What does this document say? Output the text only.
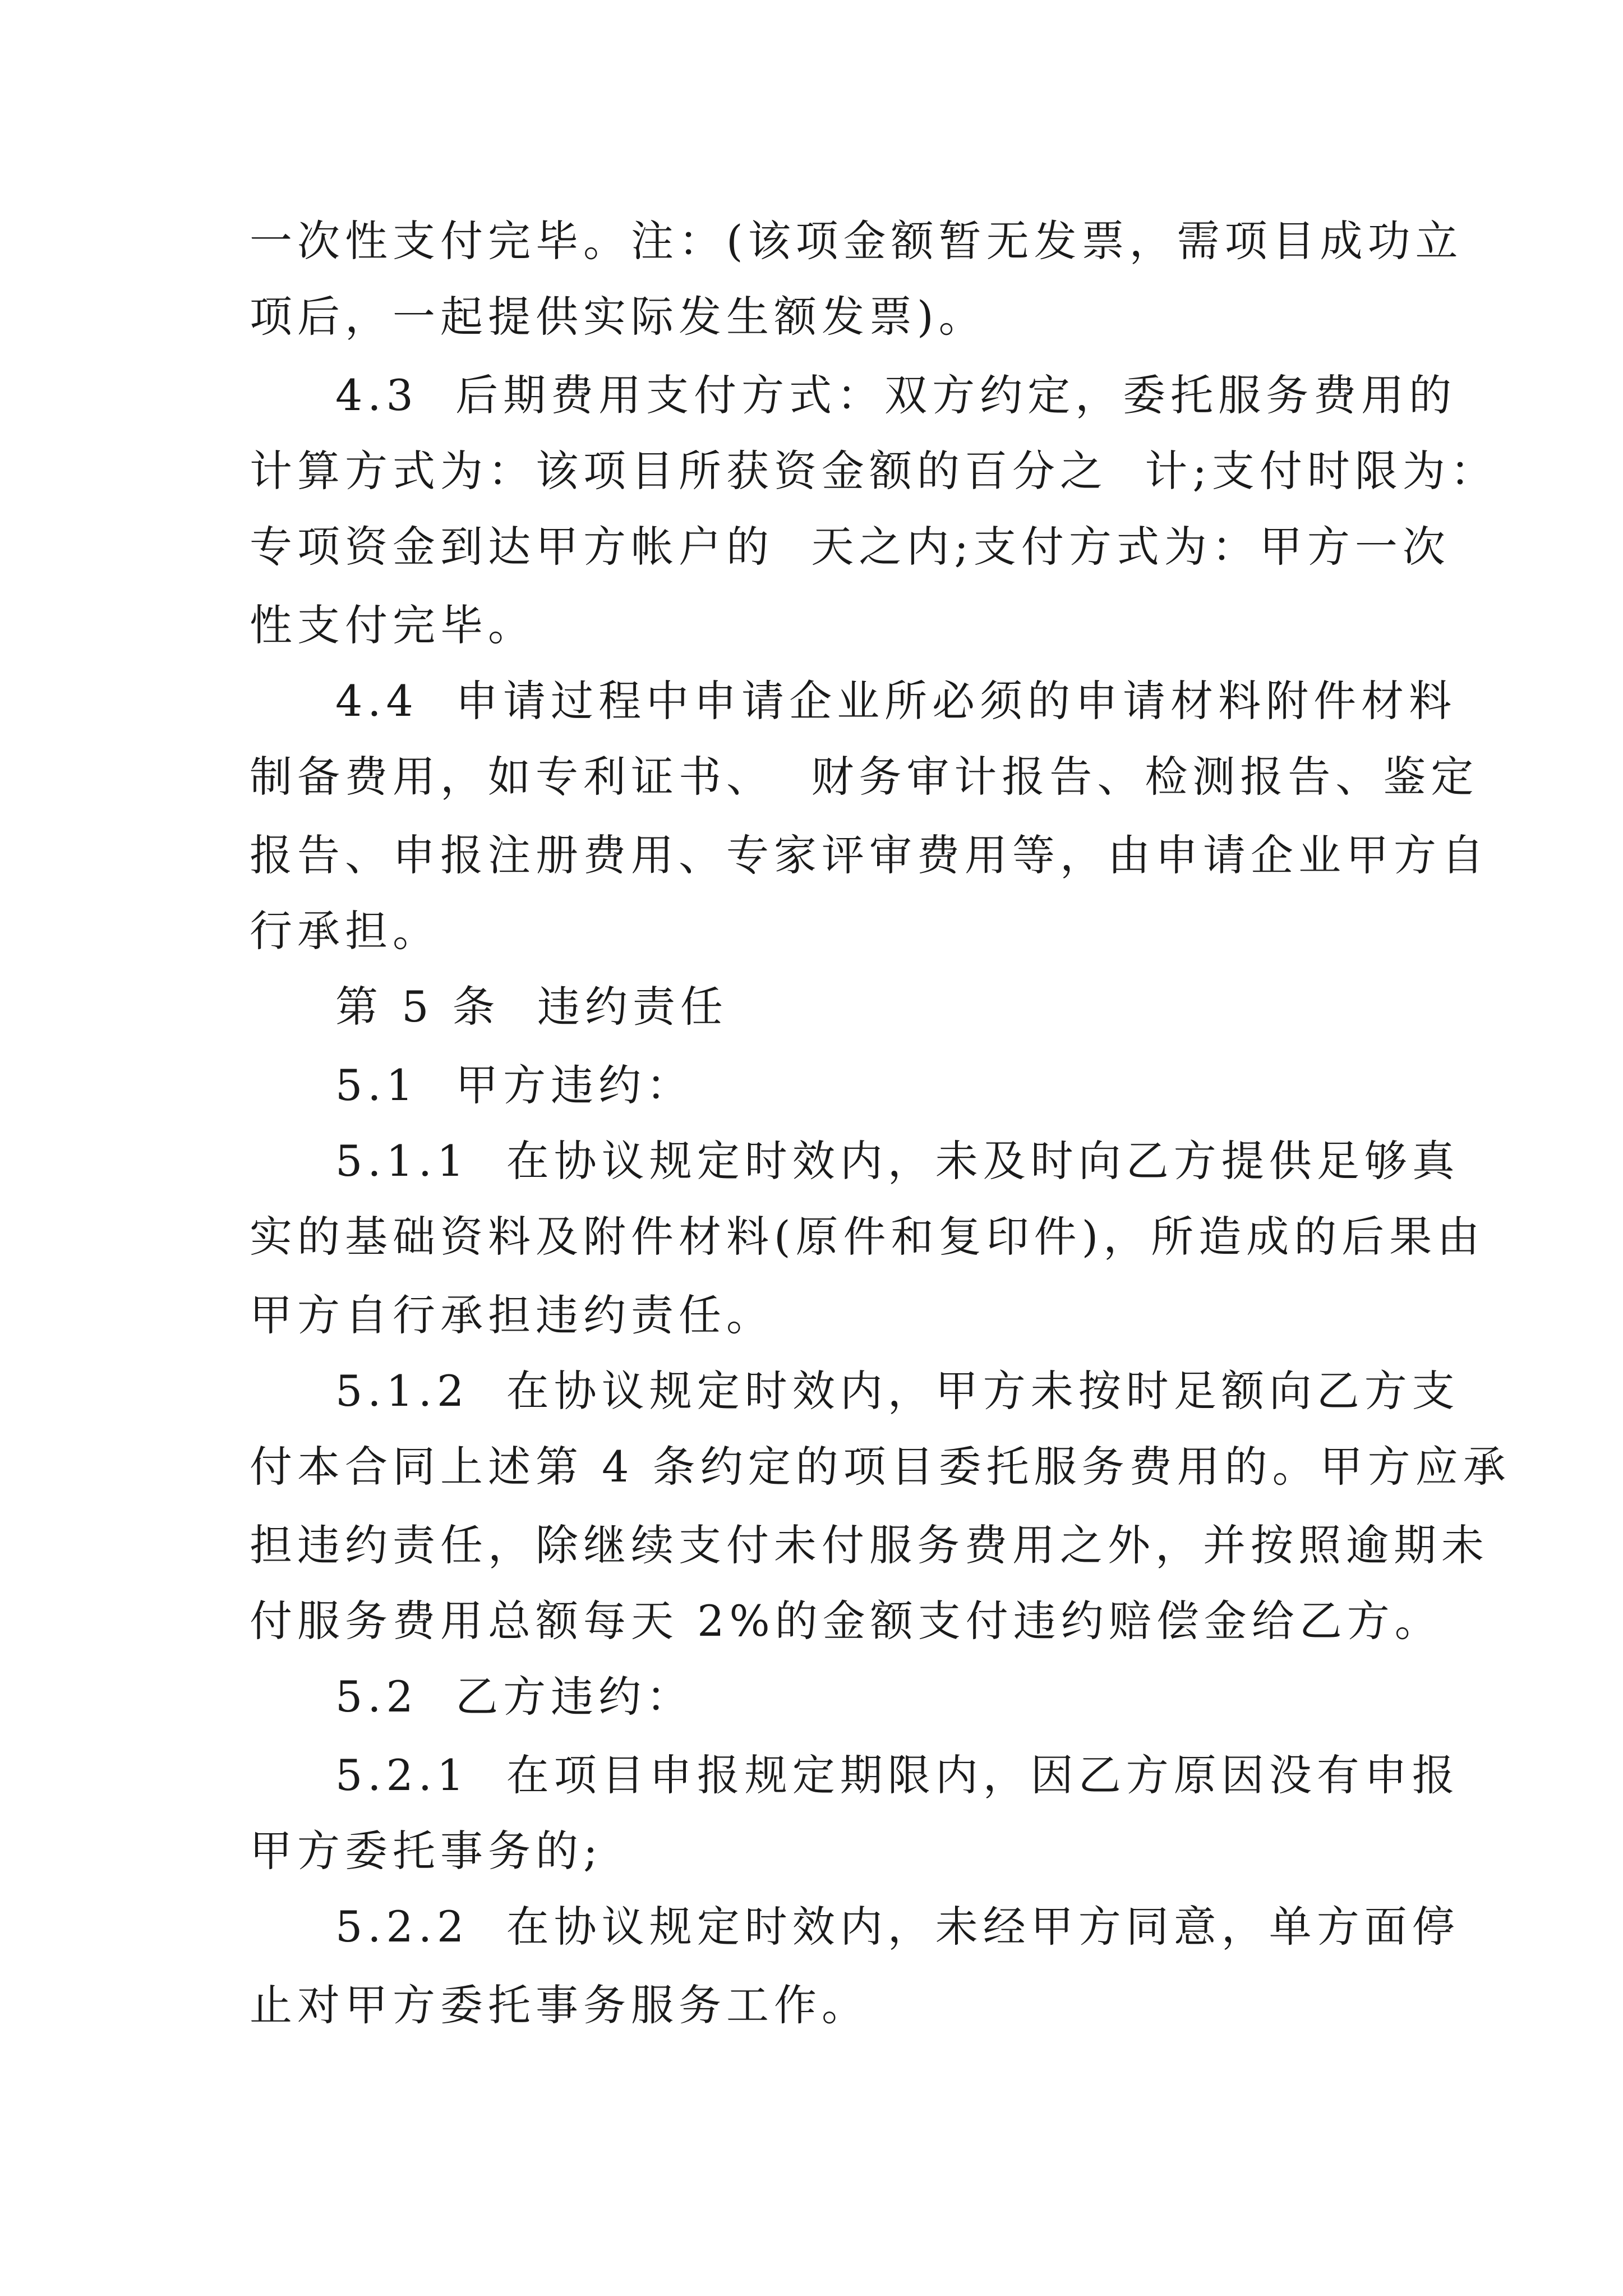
一次性支付完毕。注：(该项金额暂无发票，需项目成功立
项后，一起提供实际发生额发票)。
4.3  后期费用支付方式：双方约定，委托服务费用的
计算方式为：该项目所获资金额的百分之  计;支付时限为：
专项资金到达甲方帐户的  天之内;支付方式为：甲方一次
性支付完毕。
4.4  申请过程中申请企业所必须的申请材料附件材料
制备费用，如专利证书、  财务审计报告、检测报告、鉴定
报告、申报注册费用、专家评审费用等，由申请企业甲方自
行承担。
第 5 条  违约责任
5.1  甲方违约：
5.1.1  在协议规定时效内，未及时向乙方提供足够真
实的基础资料及附件材料(原件和复印件)，所造成的后果由
甲方自行承担违约责任。
5.1.2  在协议规定时效内，甲方未按时足额向乙方支
付本合同上述第 4 条约定的项目委托服务费用的。甲方应承
担违约责任，除继续支付未付服务费用之外，并按照逾期未
付服务费用总额每天 2%的金额支付违约赔偿金给乙方。
5.2  乙方违约：
5.2.1  在项目申报规定期限内，因乙方原因没有申报
甲方委托事务的;
5.2.2  在协议规定时效内，未经甲方同意，单方面停
止对甲方委托事务服务工作。
